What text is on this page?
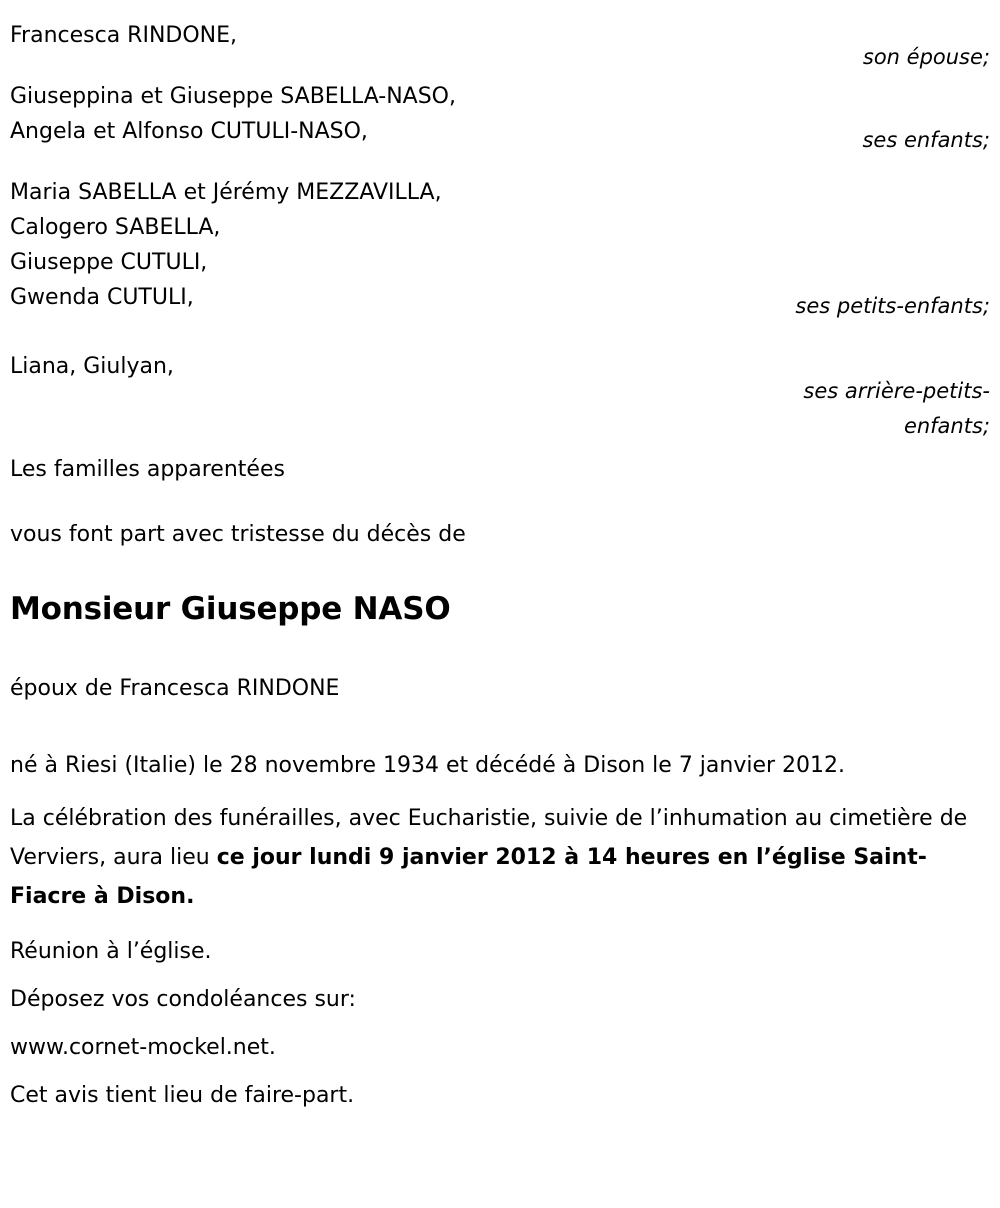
Francesca RINDONE,
son épouse;
Giuseppina et Giuseppe SABELLA-NASO,
Angela et Alfonso CUTULI-NASO,	ses enfants;
Maria SABELLA et Jérémy MEZZAVILLA,
Calogero SABELLA,
Giuseppe CUTULI,
Gwenda CUTULI,	ses petits-enfants;
Liana, Giulyan,
ses arrière-petits-enfants;
Les familles apparentées
vous font part avec tristesse du décès de
Monsieur Giuseppe NASO
époux de Francesca RINDONE
né à Riesi (Italie) le 28 novembre 1934 et décédé à Dison le 7 janvier 2012.
La célébration des funérailles, avec Eucharistie, suivie de l’inhumation au cimetière de Verviers, aura lieu ce jour lundi 9 janvier 2012 à 14 heures en l’église Saint-Fiacre à Dison.
Réunion à l’église.
Déposez vos condoléances sur:
www.cornet-mockel.net.
Cet avis tient lieu de faire-part.
